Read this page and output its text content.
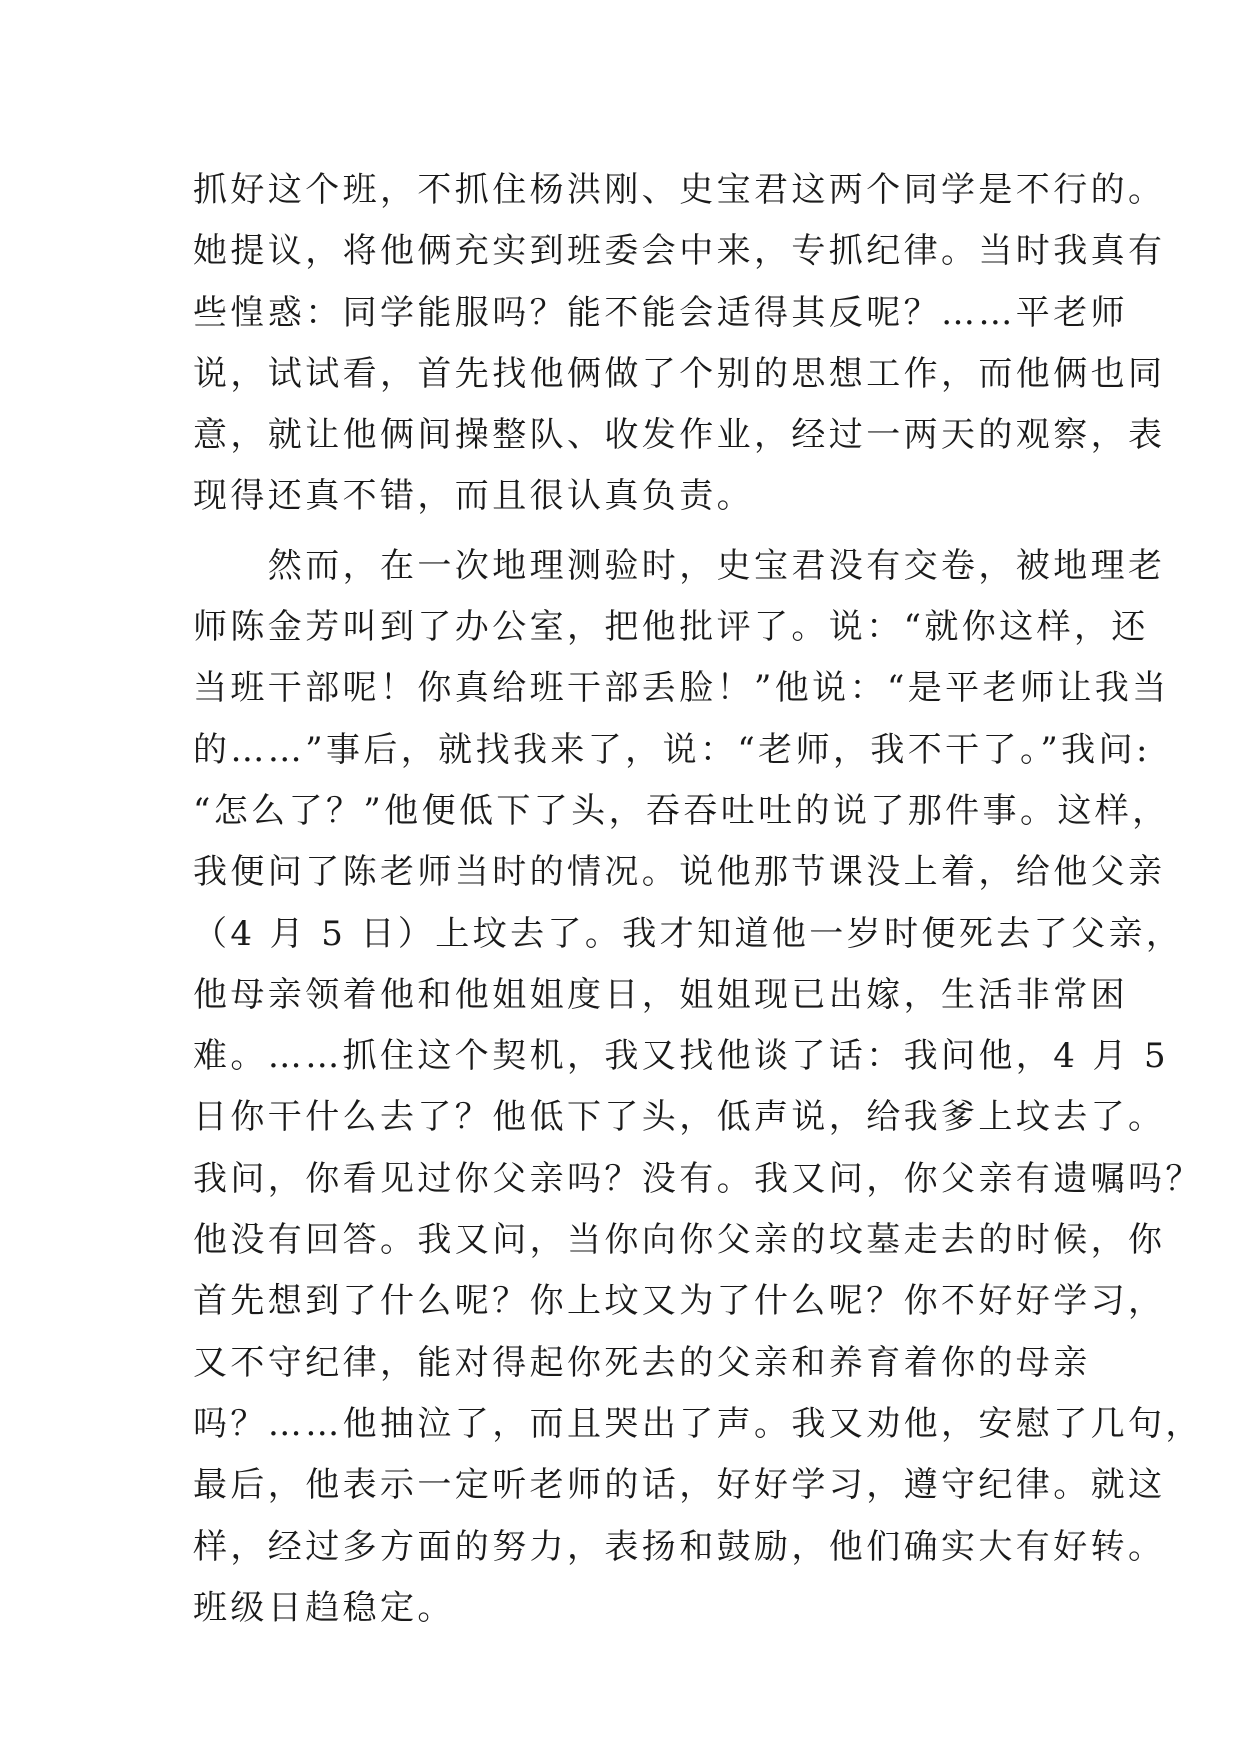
抓好这个班，不抓住杨洪刚、史宝君这两个同学是不行的。
她提议，将他俩充实到班委会中来，专抓纪律。当时我真有
些惶惑：同学能服吗？能不能会适得其反呢？……平老师
说，试试看，首先找他俩做了个别的思想工作，而他俩也同
意，就让他俩间操整队、收发作业，经过一两天的观察，表
现得还真不错，而且很认真负责。
　　然而，在一次地理测验时，史宝君没有交卷，被地理老
师陈金芳叫到了办公室，把他批评了。说：“就你这样，还
当班干部呢！你真给班干部丢脸！”他说：“是平老师让我当
的……”事后，就找我来了，说：“老师，我不干了。”我问:
“怎么了？”他便低下了头，吞吞吐吐的说了那件事。这样，
我便问了陈老师当时的情况。说他那节课没上着，给他父亲
（4 月 5 日）上坟去了。我才知道他一岁时便死去了父亲，
他母亲领着他和他姐姐度日，姐姐现已出嫁，生活非常困
难。……抓住这个契机，我又找他谈了话：我问他，4 月 5
日你干什么去了？他低下了头，低声说，给我爹上坟去了。
我问，你看见过你父亲吗？没有。我又问，你父亲有遗嘱吗？
他没有回答。我又问，当你向你父亲的坟墓走去的时候，你
首先想到了什么呢？你上坟又为了什么呢？你不好好学习，
又不守纪律，能对得起你死去的父亲和养育着你的母亲
吗？……他抽泣了，而且哭出了声。我又劝他，安慰了几句，
最后，他表示一定听老师的话，好好学习，遵守纪律。就这
样，经过多方面的努力，表扬和鼓励，他们确实大有好转。
班级日趋稳定。
